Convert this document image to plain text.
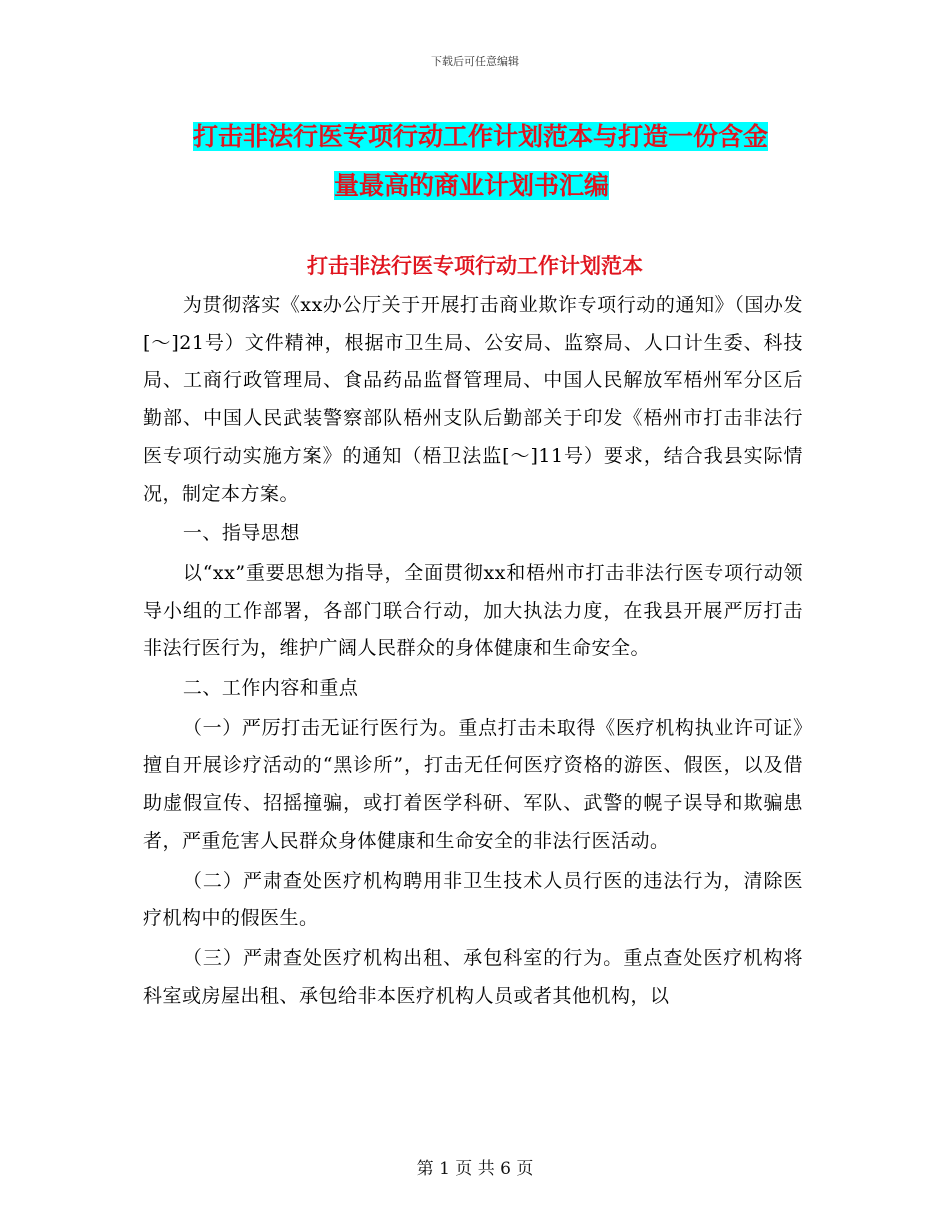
下载后可任意编辑
打击非法行医专项行动工作计划范本与打造一份含金
量最高的商业计划书汇编
打击非法行医专项行动工作计划范本

为贯彻落实《xx办公厅关于开展打击商业欺诈专项行动的通知》（国办发[～]21号）文件精神，根据市卫生局、公安局、监察局、人口计生委、科技局、工商行政管理局、食品药品监督管理局、中国人民解放军梧州军分区后勤部、中国人民武装警察部队梧州支队后勤部关于印发《梧州市打击非法行医专项行动实施方案》的通知（梧卫法监[～]11号）要求，结合我县实际情况，制定本方案。

一、指导思想

以“xx”重要思想为指导，全面贯彻xx和梧州市打击非法行医专项行动领导小组的工作部署，各部门联合行动，加大执法力度，在我县开展严厉打击非法行医行为，维护广阔人民群众的身体健康和生命安全。

二、工作内容和重点

（一）严厉打击无证行医行为。重点打击未取得《医疗机构执业许可证》擅自开展诊疗活动的“黑诊所”，打击无任何医疗资格的游医、假医，以及借助虚假宣传、招摇撞骗，或打着医学科研、军队、武警的幌子误导和欺骗患者，严重危害人民群众身体健康和生命安全的非法行医活动。

（二）严肃查处医疗机构聘用非卫生技术人员行医的违法行为，清除医疗机构中的假医生。

（三）严肃查处医疗机构出租、承包科室的行为。重点查处医疗机构将科室或房屋出租、承包给非本医疗机构人员或者其他机构，以

第 1 页 共 6 页
